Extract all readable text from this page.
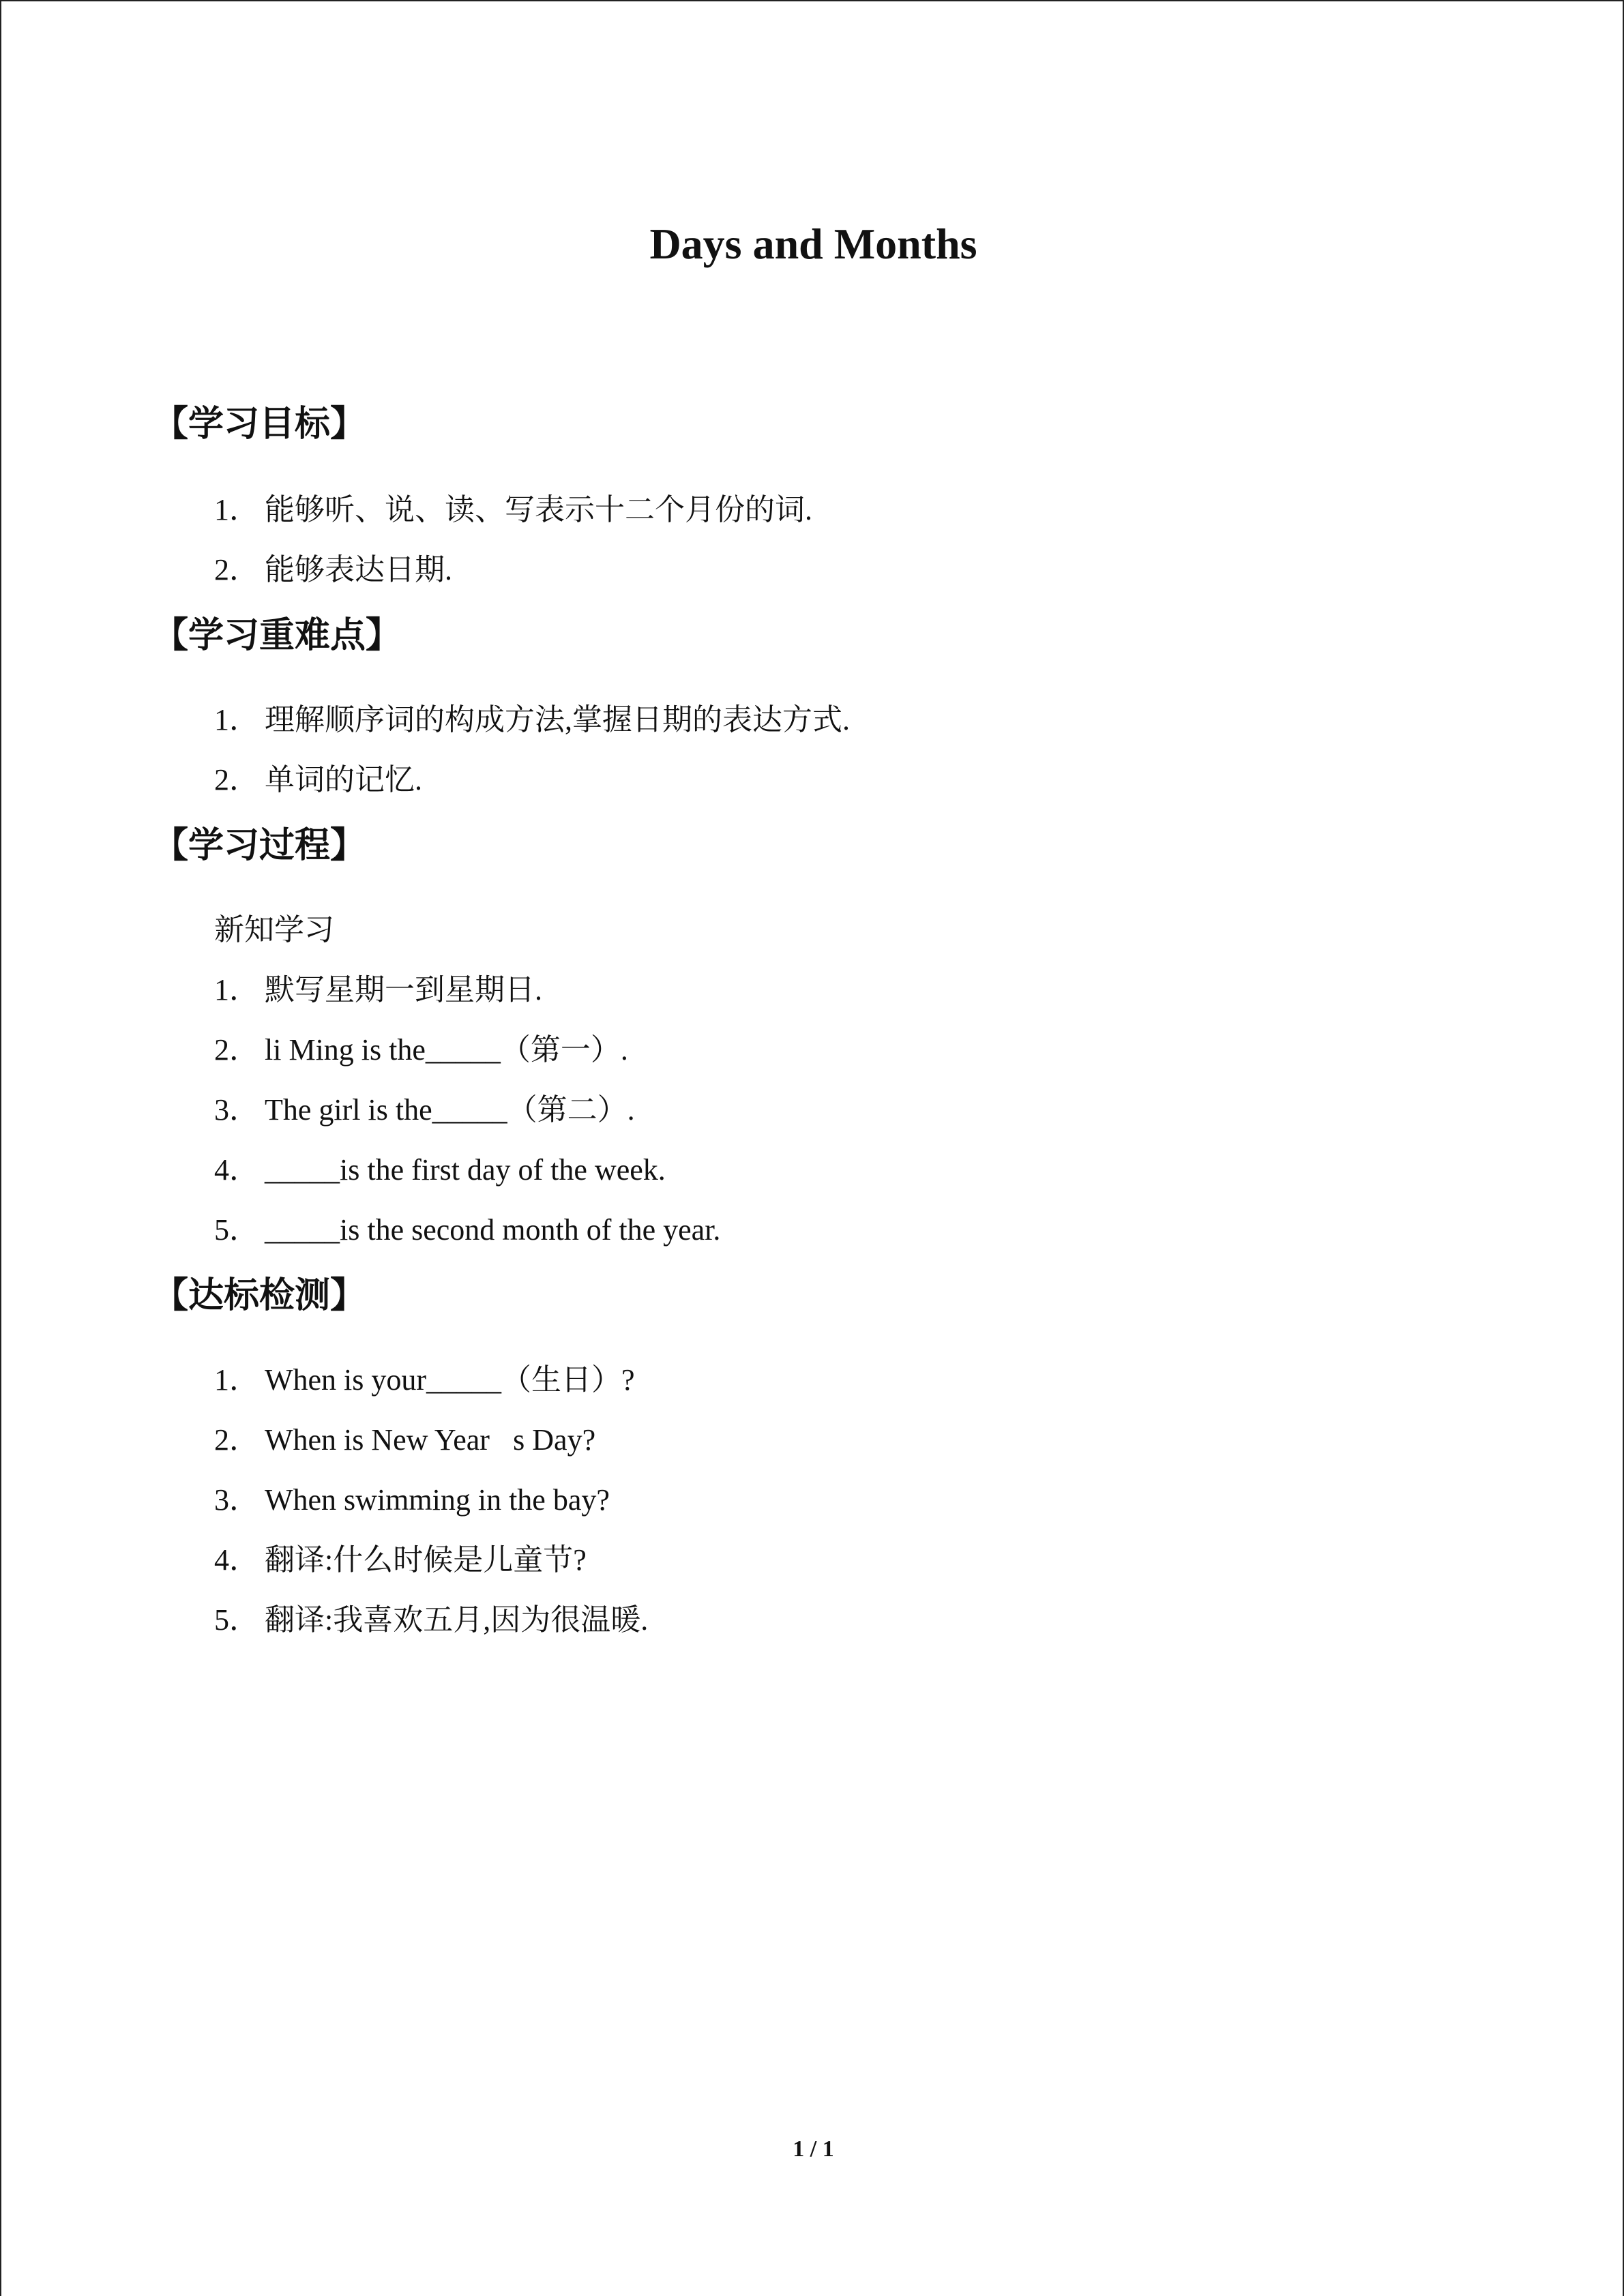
Days and Months
【学习目标】
1． 能够听、说、读、写表示十二个月份的词.
2． 能够表达日期.
【学习重难点】
1． 理解顺序词的构成方法,掌握日期的表达方式.
2． 单词的记忆.
【学习过程】
新知学习
1． 默写星期一到星期日.
2． li Ming is the_____（第一）.
3． The girl is the_____（第二）.
4． _____is the first day of the week.
5． _____is the second month of the year.
【达标检测】
1． When is your_____（生日）?
2． When is New Year s Day?
3． When swimming in the bay?
4． 翻译:什么时候是儿童节?
5． 翻译:我喜欢五月,因为很温暖.
1 / 1
